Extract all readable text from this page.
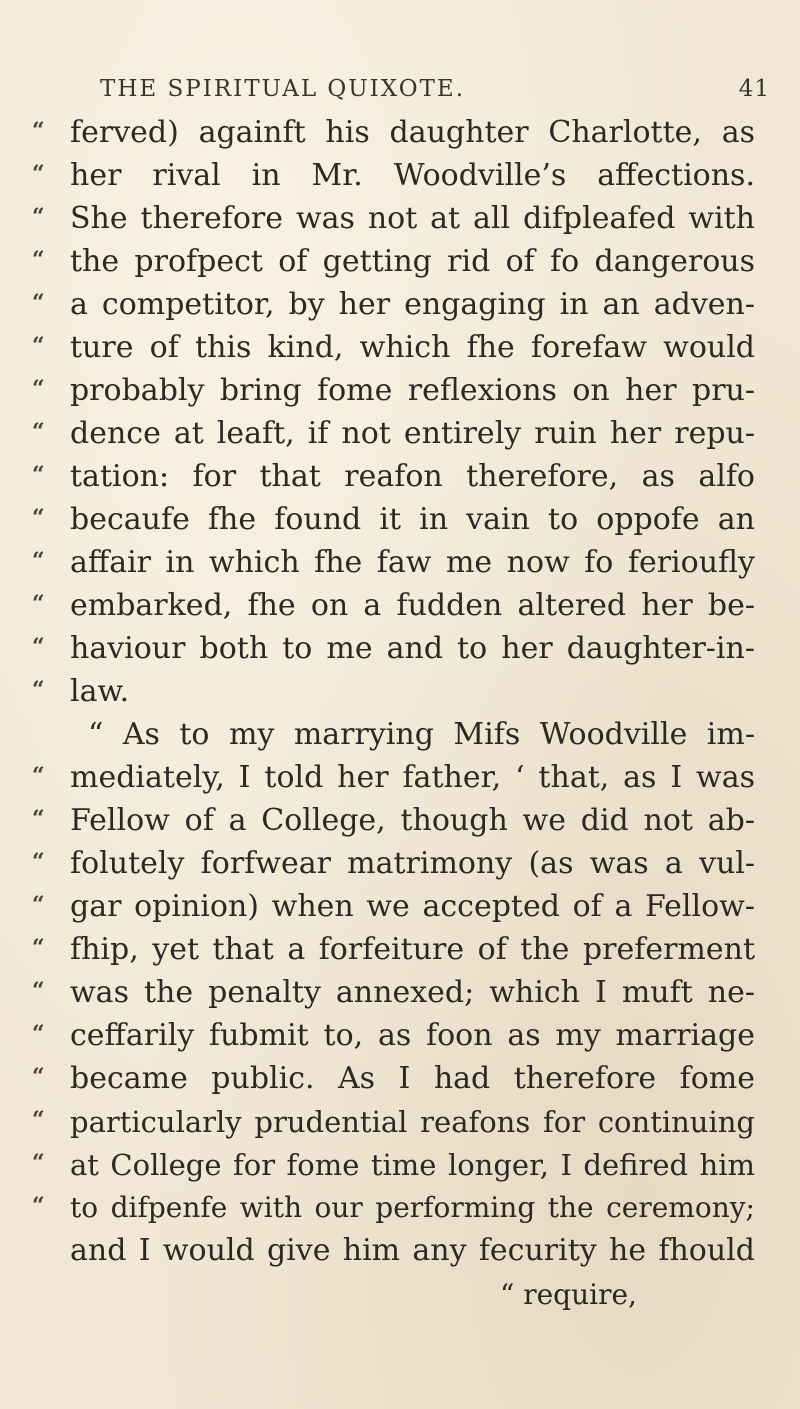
THE SPIRITUAL QUIXOTE.	41
“
“
“
“
“
“
“
“
“
“
“
“
“
“
“
“
“
“
“
“
“
“
“
“
“
ferved) againft his daughter Charlotte, as
her rival in Mr. Woodville’s affections.
She therefore was not at all difpleafed with
the profpect of getting rid of fo dangerous
a competitor, by her engaging in an adven-
ture of this kind, which fhe forefaw would
probably bring fome reflexions on her pru-
dence at leaft, if not entirely ruin her repu-
tation: for that reafon therefore, as alfo
becaufe fhe found it in vain to oppofe an
affair in which fhe faw me now fo ferioufly
embarked, fhe on a fudden altered her be-
haviour both to me and to her daughter-in-
law.
“ As to my marrying Mifs Woodville im-
mediately, I told her father, ‘ that, as I was
Fellow of a College, though we did not ab-
folutely forfwear matrimony (as was a vul-
gar opinion) when we accepted of a Fellow-
fhip, yet that a forfeiture of the preferment
was the penalty annexed; which I muft ne-
ceffarily fubmit to, as foon as my marriage
became public. As I had therefore fome
particularly prudential reafons for continuing
at College for fome time longer, I defired him
to difpenfe with our performing the ceremony;
and I would give him any fecurity he fhould
“ require,
